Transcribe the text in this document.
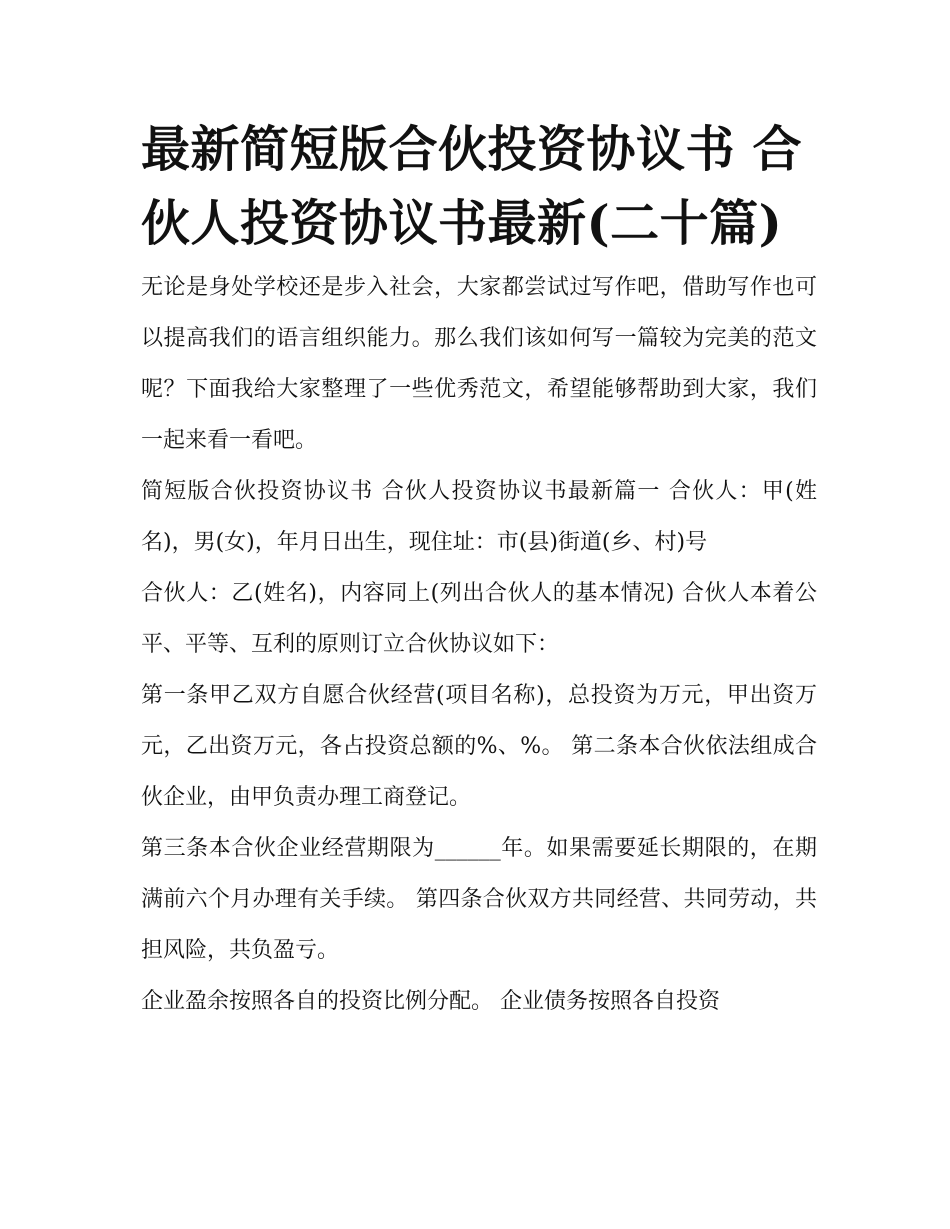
最新简短版合伙投资协议书 合伙人投资协议书最新(二十篇)

无论是身处学校还是步入社会，大家都尝试过写作吧，借助写作也可以提高我们的语言组织能力。那么我们该如何写一篇较为完美的范文呢？下面我给大家整理了一些优秀范文，希望能够帮助到大家，我们一起来看一看吧。

简短版合伙投资协议书 合伙人投资协议书最新篇一 合伙人：甲(姓名)，男(女)，年月日出生，现住址：市(县)街道(乡、村)号

合伙人：乙(姓名)，内容同上(列出合伙人的基本情况) 合伙人本着公平、平等、互利的原则订立合伙协议如下：

第一条甲乙双方自愿合伙经营(项目名称)，总投资为万元，甲出资万元，乙出资万元，各占投资总额的%、%。 第二条本合伙依法组成合伙企业，由甲负责办理工商登记。

第三条本合伙企业经营期限为______年。如果需要延长期限的，在期满前六个月办理有关手续。 第四条合伙双方共同经营、共同劳动，共担风险，共负盈亏。

企业盈余按照各自的投资比例分配。 企业债务按照各自投资
